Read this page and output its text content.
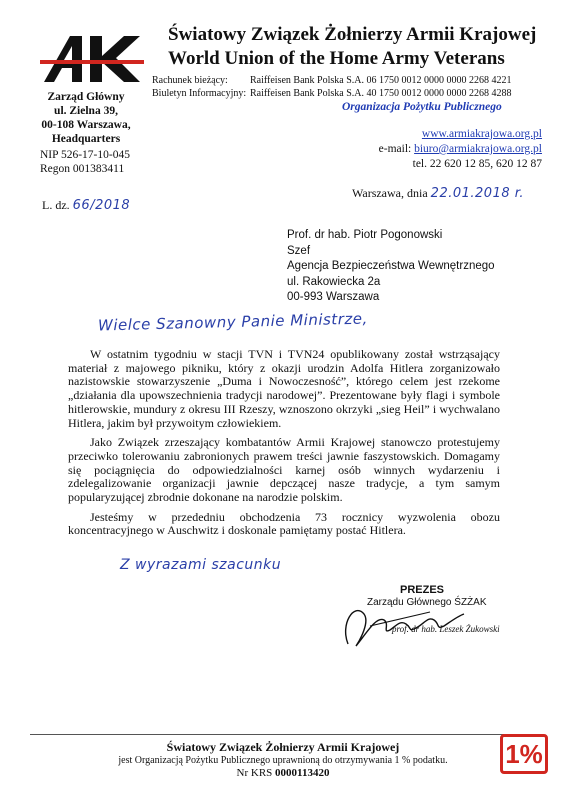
Światowy Związek Żołnierzy Armii Krajowej
World Union of the Home Army Veterans
Zarząd Główny
ul. Zielna 39,
00-108 Warszawa,
Headquarters
NIP 526-17-10-045
Regon 001383411
Rachunek bieżący: Raiffeisen Bank Polska S.A. 06 1750 0012 0000 0000 2268 4221
Biuletyn Informacyjny: Raiffeisen Bank Polska S.A. 40 1750 0012 0000 0000 2268 4288
Organizacja Pożytku Publicznego
www.armiakrajowa.org.pl
e-mail: biuro@armiakrajowa.org.pl
tel. 22 620 12 85, 620 12 87
Warszawa, dnia 22.01.2018 r.
L. dz. 66/2018
Prof. dr hab. Piotr Pogonowski
Szef
Agencja Bezpieczeństwa Wewnętrznego
ul. Rakowiecka 2a
00-993 Warszawa
Wielce Szanowny Panie Ministrze,

W ostatnim tygodniu w stacji TVN i TVN24 opublikowany został wstrząsający materiał z majowego pikniku, który z okazji urodzin Adolfa Hitlera zorganizowało nazistowskie stowarzyszenie „Duma i Nowoczesność”, którego celem jest rzekome „działania dla upowszechnienia tradycji narodowej”. Prezentowane były flagi i symbole hitlerowskie, mundury z okresu III Rzeszy, wznoszono okrzyki „sieg Heil” i wychwalano Hitlera, jakim był przywoitym człowiekiem.

Jako Związek zrzeszający kombatantów Armii Krajowej stanowczo protestujemy przeciwko tolerowaniu zabronionych prawem treści jawnie faszystowskich. Domagamy się pociągnięcia do odpowiedzialności karnej osób winnych wydarzeniu i zdelegalizowanie organizacji jawnie depczącej nasze tradycje, a tym samym popularyzującej zbrodnie dokonane na narodzie polskim.

Jesteśmy w przededniu obchodzenia 73 rocznicy wyzwolenia obozu koncentracyjnego w Auschwitz i doskonale pamiętamy postać Hitlera.

Z wyrazami szacunku
PREZES
Zarządu Głównego ŚZŻAK
prof. dr hab. Leszek Żukowski
Światowy Związek Żołnierzy Armii Krajowej
jest Organizacją Pożytku Publicznego uprawnioną do otrzymywania 1 % podatku.
Nr KRS 0000113420
1%
